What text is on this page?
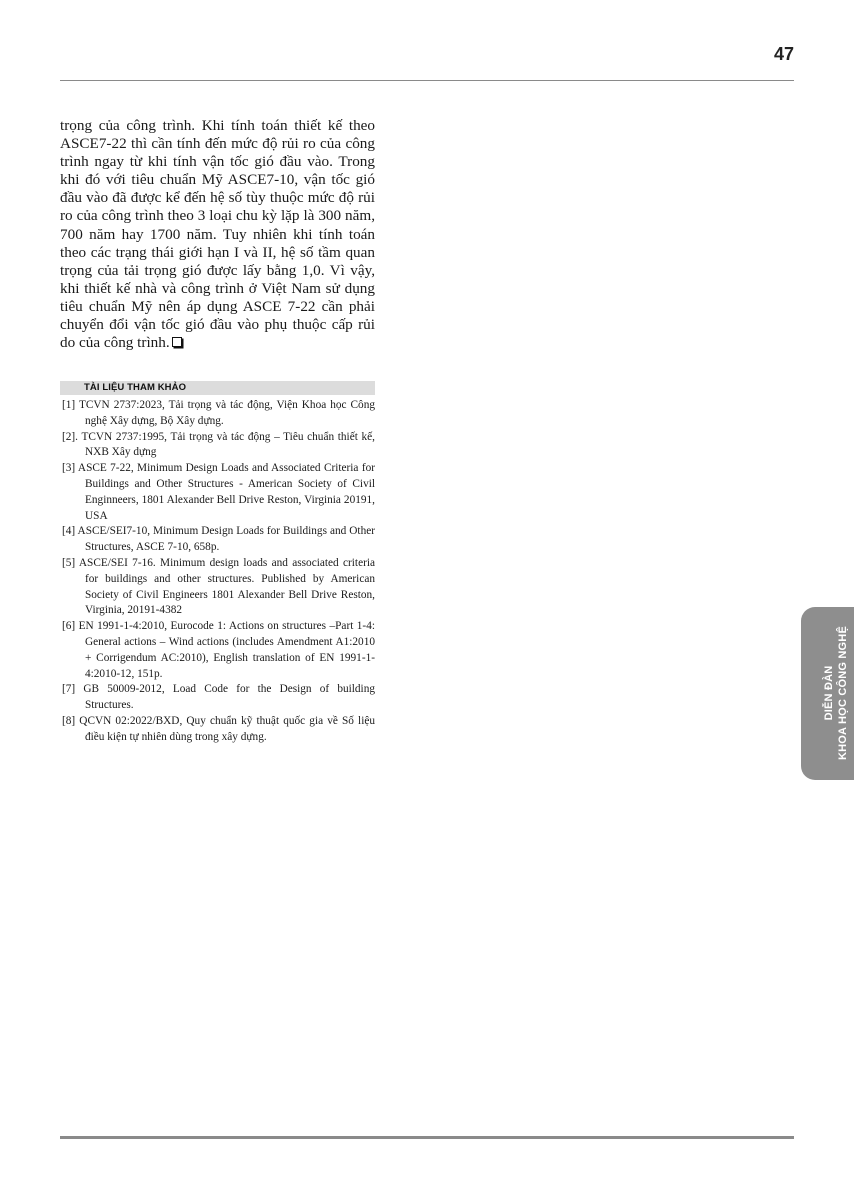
47
trọng của công trình. Khi tính toán thiết kế theo ASCE7-22 thì cần tính đến mức độ rủi ro của công trình ngay từ khi tính vận tốc gió đầu vào. Trong khi đó với tiêu chuẩn Mỹ ASCE7-10, vận tốc gió đầu vào đã được kể đến hệ số tùy thuộc mức độ rủi ro của công trình theo 3 loại chu kỳ lặp là 300 năm, 700 năm hay 1700 năm. Tuy nhiên khi tính toán theo các trạng thái giới hạn I và II, hệ số tầm quan trọng của tải trọng gió được lấy bằng 1,0. Vì vậy, khi thiết kế nhà và công trình ở Việt Nam sử dụng tiêu chuẩn Mỹ nên áp dụng ASCE 7-22 cần phải chuyển đổi vận tốc gió đầu vào phụ thuộc cấp rủi do của công trình.
TÀI LIỆU THAM KHẢO

[1] TCVN 2737:2023, Tải trọng và tác động, Viện Khoa học Công nghệ Xây dựng, Bộ Xây dựng.

[2]. TCVN 2737:1995, Tải trọng và tác động – Tiêu chuẩn thiết kế, NXB Xây dựng

[3] ASCE 7-22, Minimum Design Loads and Associated Criteria for Buildings and Other Structures - American Society of Civil Enginneers, 1801 Alexander Bell Drive Reston, Virginia 20191, USA

[4] ASCE/SEI7-10, Minimum Design Loads for Buildings and Other Structures, ASCE 7-10, 658p.

[5] ASCE/SEI 7-16. Minimum design loads and associated criteria for buildings and other structures. Published by American Society of Civil Engineers 1801 Alexander Bell Drive Reston, Virginia, 20191-4382

[6] EN 1991-1-4:2010, Eurocode 1: Actions on structures –Part 1-4: General actions – Wind actions (includes Amendment A1:2010 + Corrigendum AC:2010), English translation of EN 1991-1- 4:2010-12, 151p.

[7] GB 50009-2012, Load Code for the Design of building Structures.

[8] QCVN 02:2022/BXD, Quy chuẩn kỹ thuật quốc gia về Số liệu điều kiện tự nhiên dùng trong xây dựng.

DIỄN ĐÀN KHOA HỌC CÔNG NGHỆ
